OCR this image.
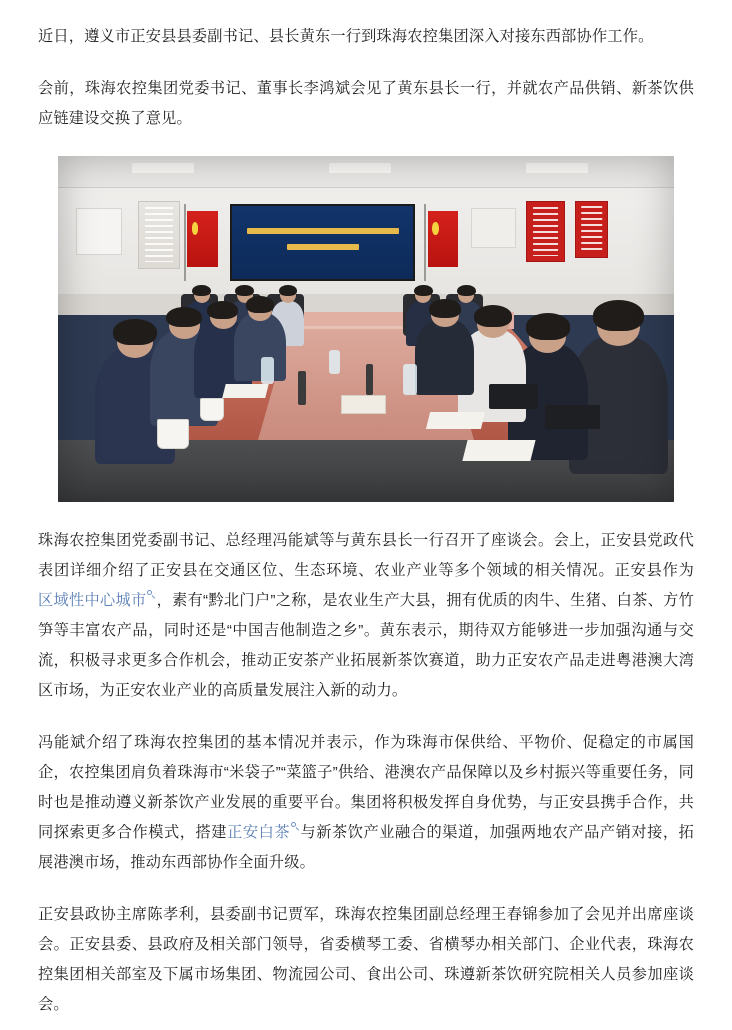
近日，遵义市正安县县委副书记、县长黄东一行到珠海农控集团深入对接东西部协作工作。

会前，珠海农控集团党委书记、董事长李鸿斌会见了黄东县长一行，并就农产品供销、新茶饮供应链建设交换了意见。

珠海农控集团党委副书记、总经理冯能斌等与黄东县长一行召开了座谈会。会上，正安县党政代表团详细介绍了正安县在交通区位、生态环境、农业产业等多个领域的相关情况。正安县作为区域性中心城市 ，素有“黔北门户”之称，是农业生产大县，拥有优质的肉牛、生猪、白茶、方竹笋等丰富农产品，同时还是“中国吉他制造之乡”。黄东表示，期待双方能够进一步加强沟通与交流，积极寻求更多合作机会，推动正安茶产业拓展新茶饮赛道，助力正安农产品走进粤港澳大湾区市场，为正安农业产业的高质量发展注入新的动力。

冯能斌介绍了珠海农控集团的基本情况并表示，作为珠海市保供给、平物价、促稳定的市属国企，农控集团肩负着珠海市“米袋子”“菜篮子”供给、港澳农产品保障以及乡村振兴等重要任务，同时也是推动遵义新茶饮产业发展的重要平台。集团将积极发挥自身优势，与正安县携手合作，共同探索更多合作模式，搭建正安白茶 与新茶饮产业融合的渠道，加强两地农产品产销对接，拓展港澳市场，推动东西部协作全面升级。

正安县政协主席陈孝利，县委副书记贾军，珠海农控集团副总经理王春锦参加了会见并出席座谈会。正安县委、县政府及相关部门领导，省委横琴工委、省横琴办相关部门、企业代表，珠海农控集团相关部室及下属市场集团、物流园公司、食出公司、珠遵新茶饮研究院相关人员参加座谈会。
